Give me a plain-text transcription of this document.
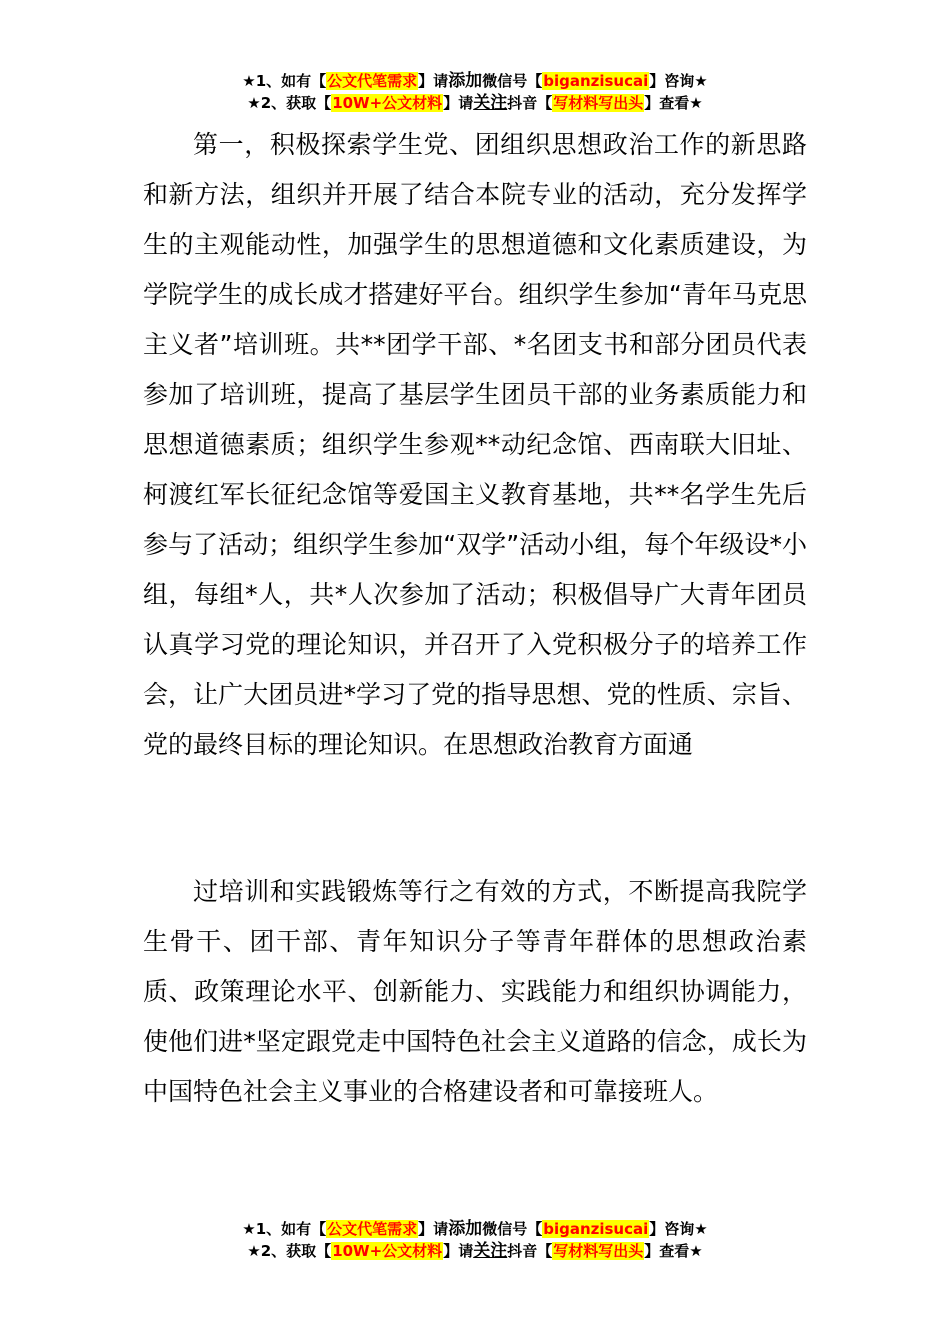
★1、如有【公文代笔需求】请添加微信号【biganzisucai】咨询★
★2、获取【10W+公文材料】请关注抖音【写材料写出头】查看★

第一，积极探索学生党、团组织思想政治工作的新思路和新方法，组织并开展了结合本院专业的活动，充分发挥学生的主观能动性，加强学生的思想道德和文化素质建设，为学院学生的成长成才搭建好平台。组织学生参加“青年马克思主义者”培训班。共**团学干部、*名团支书和部分团员代表参加了培训班，提高了基层学生团员干部的业务素质能力和思想道德素质；组织学生参观**动纪念馆、西南联大旧址、柯渡红军长征纪念馆等爱国主义教育基地，共**名学生先后参与了活动；组织学生参加“双学”活动小组，每个年级设*小组，每组*人，共*人次参加了活动；积极倡导广大青年团员认真学习党的理论知识，并召开了入党积极分子的培养工作会，让广大团员进*学习了党的指导思想、党的性质、宗旨、党的最终目标的理论知识。在思想政治教育方面通

过培训和实践锻炼等行之有效的方式，不断提高我院学生骨干、团干部、青年知识分子等青年群体的思想政治素质、政策理论水平、创新能力、实践能力和组织协调能力，使他们进*坚定跟党走中国特色社会主义道路的信念，成长为中国特色社会主义事业的合格建设者和可靠接班人。

★1、如有【公文代笔需求】请添加微信号【biganzisucai】咨询★
★2、获取【10W+公文材料】请关注抖音【写材料写出头】查看★
